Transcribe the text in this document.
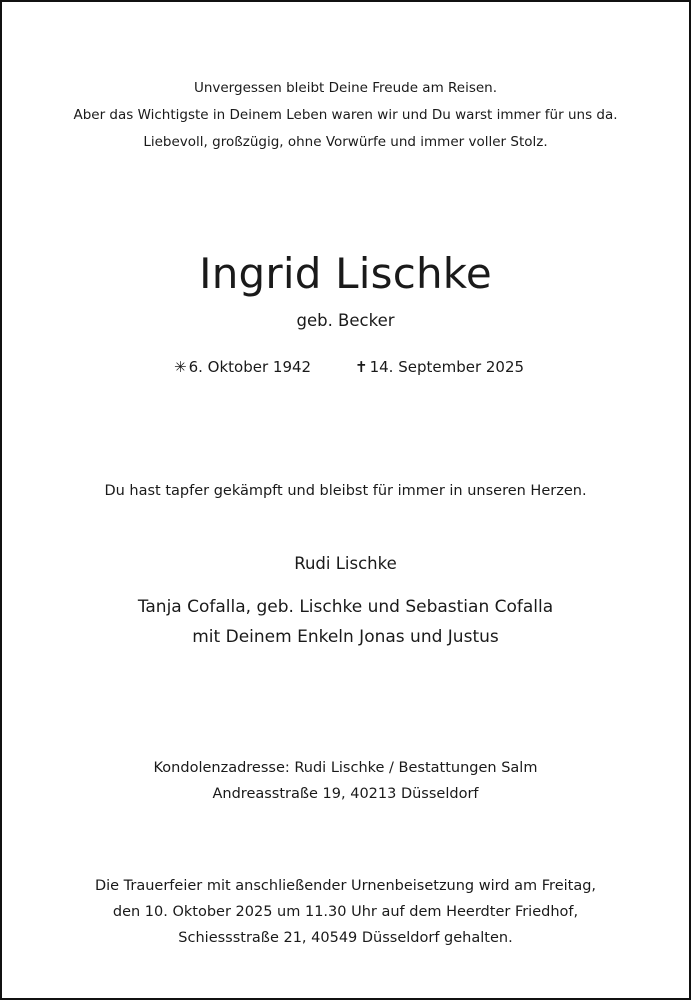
Unvergessen bleibt Deine Freude am Reisen.
Aber das Wichtigste in Deinem Leben waren wir und Du warst immer für uns da.
Liebevoll, großzügig, ohne Vorwürfe und immer voller Stolz.
Ingrid Lischke
geb. Becker
✳ 6. Oktober 1942	✝ 14. September 2025
Du hast tapfer gekämpft und bleibst für immer in unseren Herzen.
Rudi Lischke
Tanja Cofalla, geb. Lischke und Sebastian Cofalla
mit Deinem Enkeln Jonas und Justus
Kondolenzadresse: Rudi Lischke / Bestattungen Salm
Andreasstraße 19, 40213 Düsseldorf
Die Trauerfeier mit anschließender Urnenbeisetzung wird am Freitag,
den 10. Oktober 2025 um 11.30 Uhr auf dem Heerdter Friedhof,
Schiessstraße 21, 40549 Düsseldorf gehalten.
